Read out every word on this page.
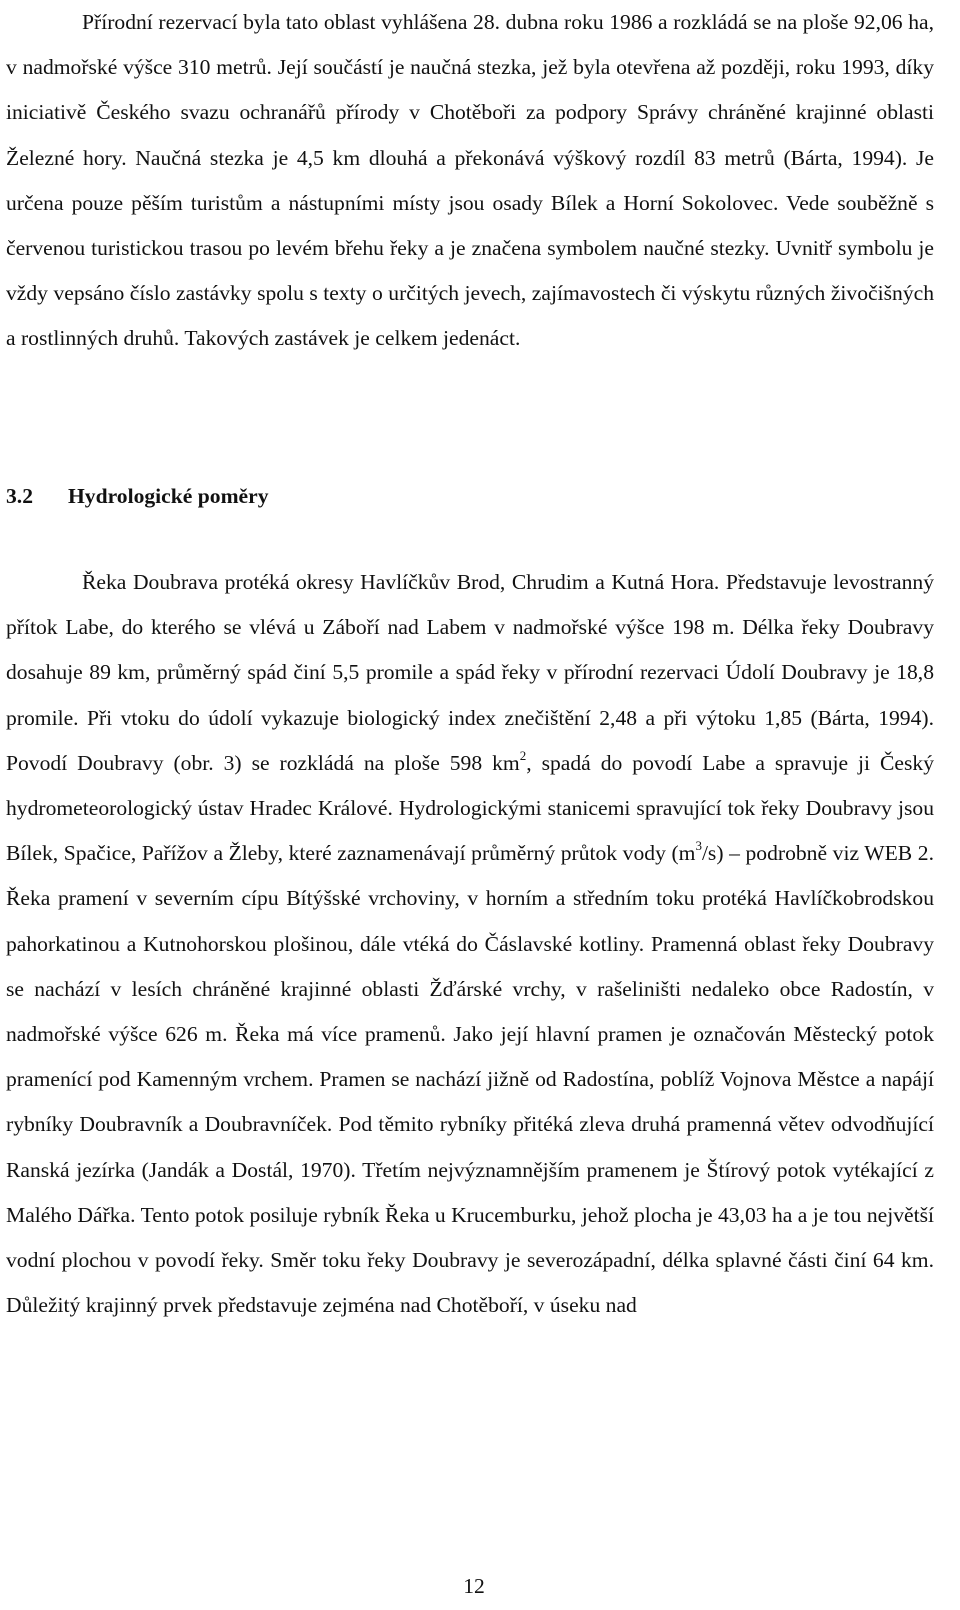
Přírodní rezervací byla tato oblast vyhlášena 28. dubna roku 1986 a rozkládá se na ploše 92,06 ha, v nadmořské výšce 310 metrů. Její součástí je naučná stezka, jež byla otevřena až později, roku 1993, díky iniciativě Českého svazu ochranářů přírody v Chotěboři za podpory Správy chráněné krajinné oblasti Železné hory. Naučná stezka je 4,5 km dlouhá a překonává výškový rozdíl 83 metrů (Bárta, 1994). Je určena pouze pěším turistům a nástupními místy jsou osady Bílek a Horní Sokolovec. Vede souběžně s červenou turistickou trasou po levém břehu řeky a je značena symbolem naučné stezky. Uvnitř symbolu je vždy vepsáno číslo zastávky spolu s texty o určitých jevech, zajímavostech či výskytu různých živočišných a rostlinných druhů. Takových zastávek je celkem jedenáct.

3.2 Hydrologické poměry

Řeka Doubrava protéká okresy Havlíčkův Brod, Chrudim a Kutná Hora. Představuje levostranný přítok Labe, do kterého se vlévá u Záboří nad Labem v nadmořské výšce 198 m. Délka řeky Doubravy dosahuje 89 km, průměrný spád činí 5,5 promile a spád řeky v přírodní rezervaci Údolí Doubravy je 18,8 promile. Při vtoku do údolí vykazuje biologický index znečištění 2,48 a při výtoku 1,85 (Bárta, 1994). Povodí Doubravy (obr. 3) se rozkládá na ploše 598 $km^2$, spadá do povodí Labe a spravuje ji Český hydrometeorologický ústav Hradec Králové. Hydrologickými stanicemi spravující tok řeky Doubravy jsou Bílek, Spačice, Pařížov a Žleby, které zaznamenávají průměrný průtok vody $(m^3/s)$ – podrobně viz WEB 2. Řeka pramení v severním cípu Bítýšské vrchoviny, v horním a středním toku protéká Havlíčkobrodskou pahorkatinou a Kutnohorskou plošinou, dále vtéká do Čáslavské kotliny. Pramenná oblast řeky Doubravy se nachází v lesích chráněné krajinné oblasti Žďárské vrchy, v rašeliništi nedaleko obce Radostín, v nadmořské výšce 626 m. Řeka má více pramenů. Jako její hlavní pramen je označován Městecký potok pramenící pod Kamenným vrchem. Pramen se nachází jižně od Radostína, poblíž Vojnova Městce a napájí rybníky Doubravník a Doubravníček. Pod těmito rybníky přitéká zleva druhá pramenná větev odvodňující Ranská jezírka (Jandák a Dostál, 1970). Třetím nejvýznamnějším pramenem je Štírový potok vytékající z Malého Dářka. Tento potok posiluje rybník Řeka u Krucemburku, jehož plocha je 43,03 ha a je tou největší vodní plochou v povodí řeky. Směr toku řeky Doubravy je severozápadní, délka splavné části činí 64 km. Důležitý krajinný prvek představuje zejména nad Chotěboří, v úseku nad

12
